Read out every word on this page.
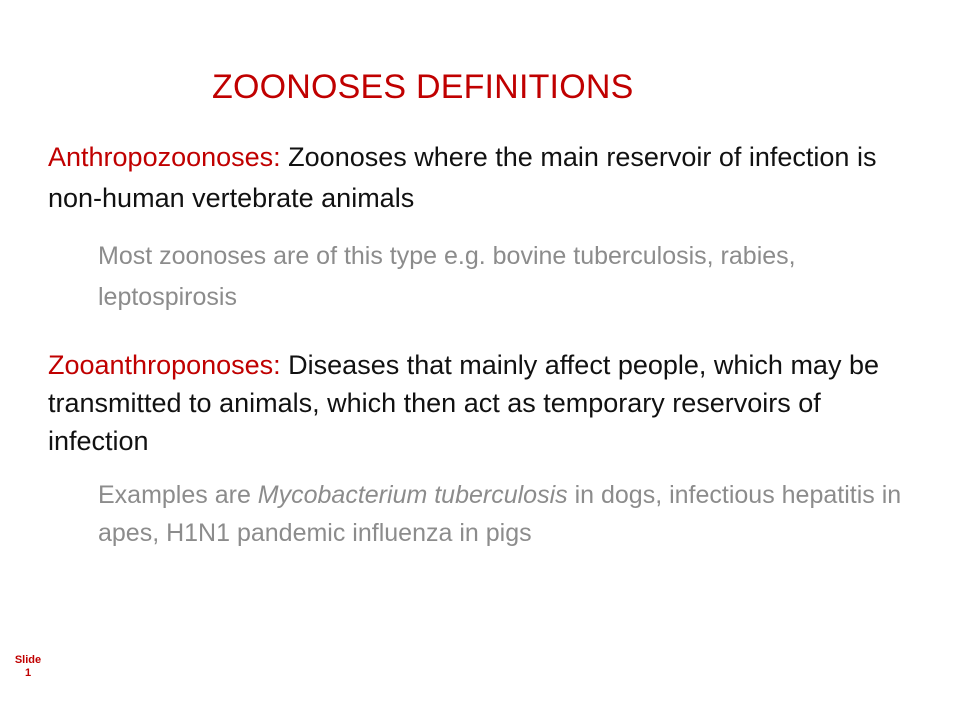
ZOONOSES DEFINITIONS

Anthropozoonoses: Zoonoses where the main reservoir of infection is non-human vertebrate animals

Most zoonoses are of this type e.g. bovine tuberculosis, rabies, leptospirosis

Zooanthroponoses: Diseases that mainly affect people, which may be transmitted to animals, which then act as temporary reservoirs of infection

Examples are Mycobacterium tuberculosis in dogs, infectious hepatitis in apes, H1N1 pandemic influenza in pigs

Slide
1
